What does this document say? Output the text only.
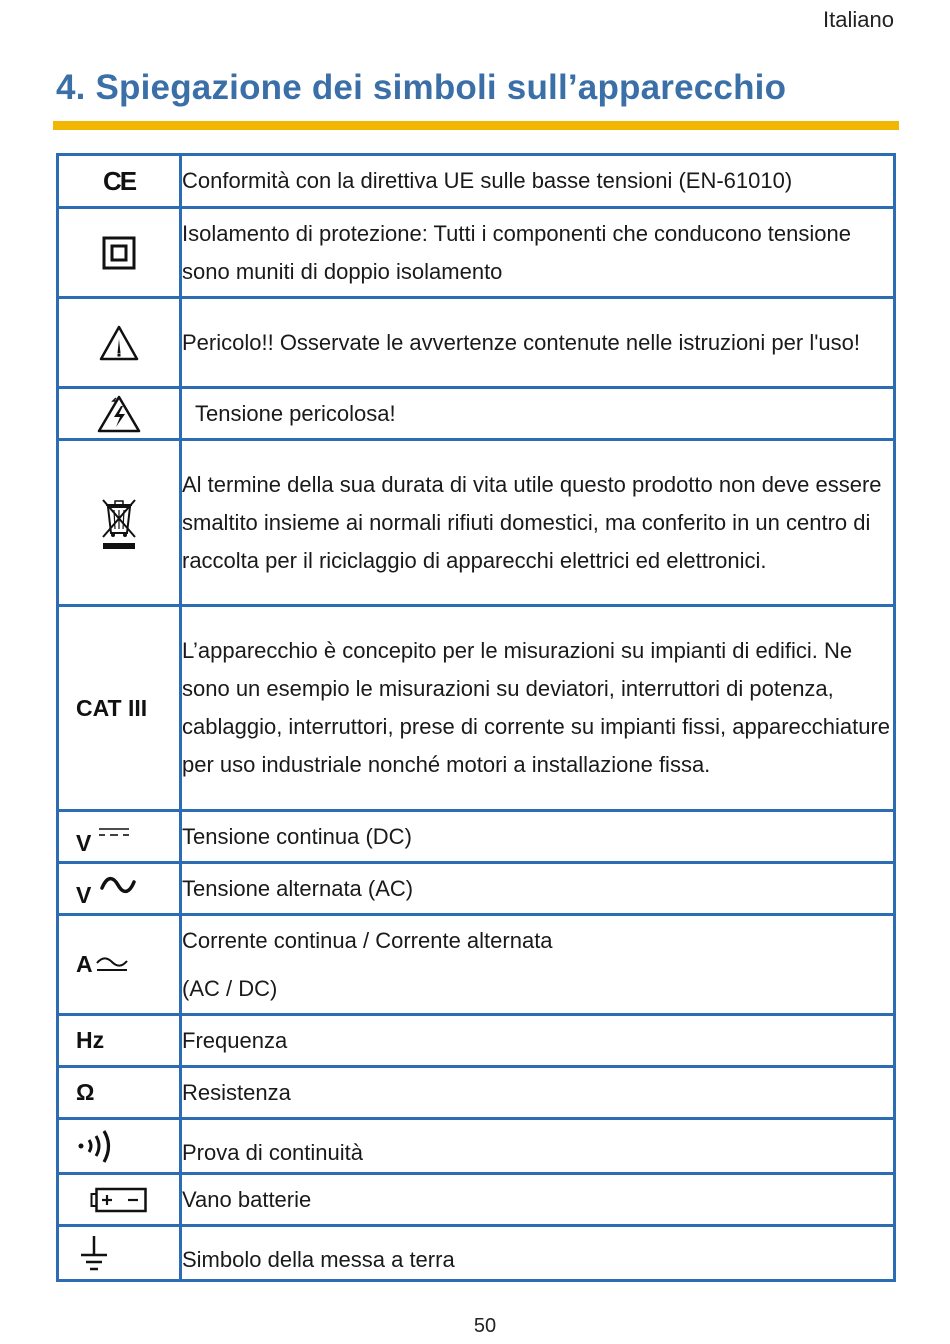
Italiano
4. Spiegazione dei simboli sull’apparecchio
CE	Conformità con la direttiva UE sulle basse tensioni (EN-61010)

	Isolamento di protezione: Tutti i componenti che conducono tensione sono muniti di doppio isolamento

	Pericolo!! Osservate le avvertenze contenute nelle istruzioni per l'uso!

	Tensione pericolosa!

	Al termine della sua durata di vita utile questo prodotto non deve essere smaltito insieme ai normali rifiuti domestici, ma conferito in un centro di raccolta per il riciclaggio di apparecchi elettrici ed elettronici.

CAT III	L’apparecchio è concepito per le misurazioni su impianti di edifici. Ne sono un esempio le misurazioni su deviatori, interruttori di potenza, cablaggio, interruttori, prese di corrente su impianti fissi, apparecchiature per uso industriale nonché motori a installazione fissa.

V	Tensione continua (DC)

V	Tensione alternata (AC)

A	Corrente continua / Corrente alternata
(AC / DC)

Hz	Frequenza

Ω	Resistenza

	Prova di continuità

	Vano batterie

	Simbolo della messa a terra
50
